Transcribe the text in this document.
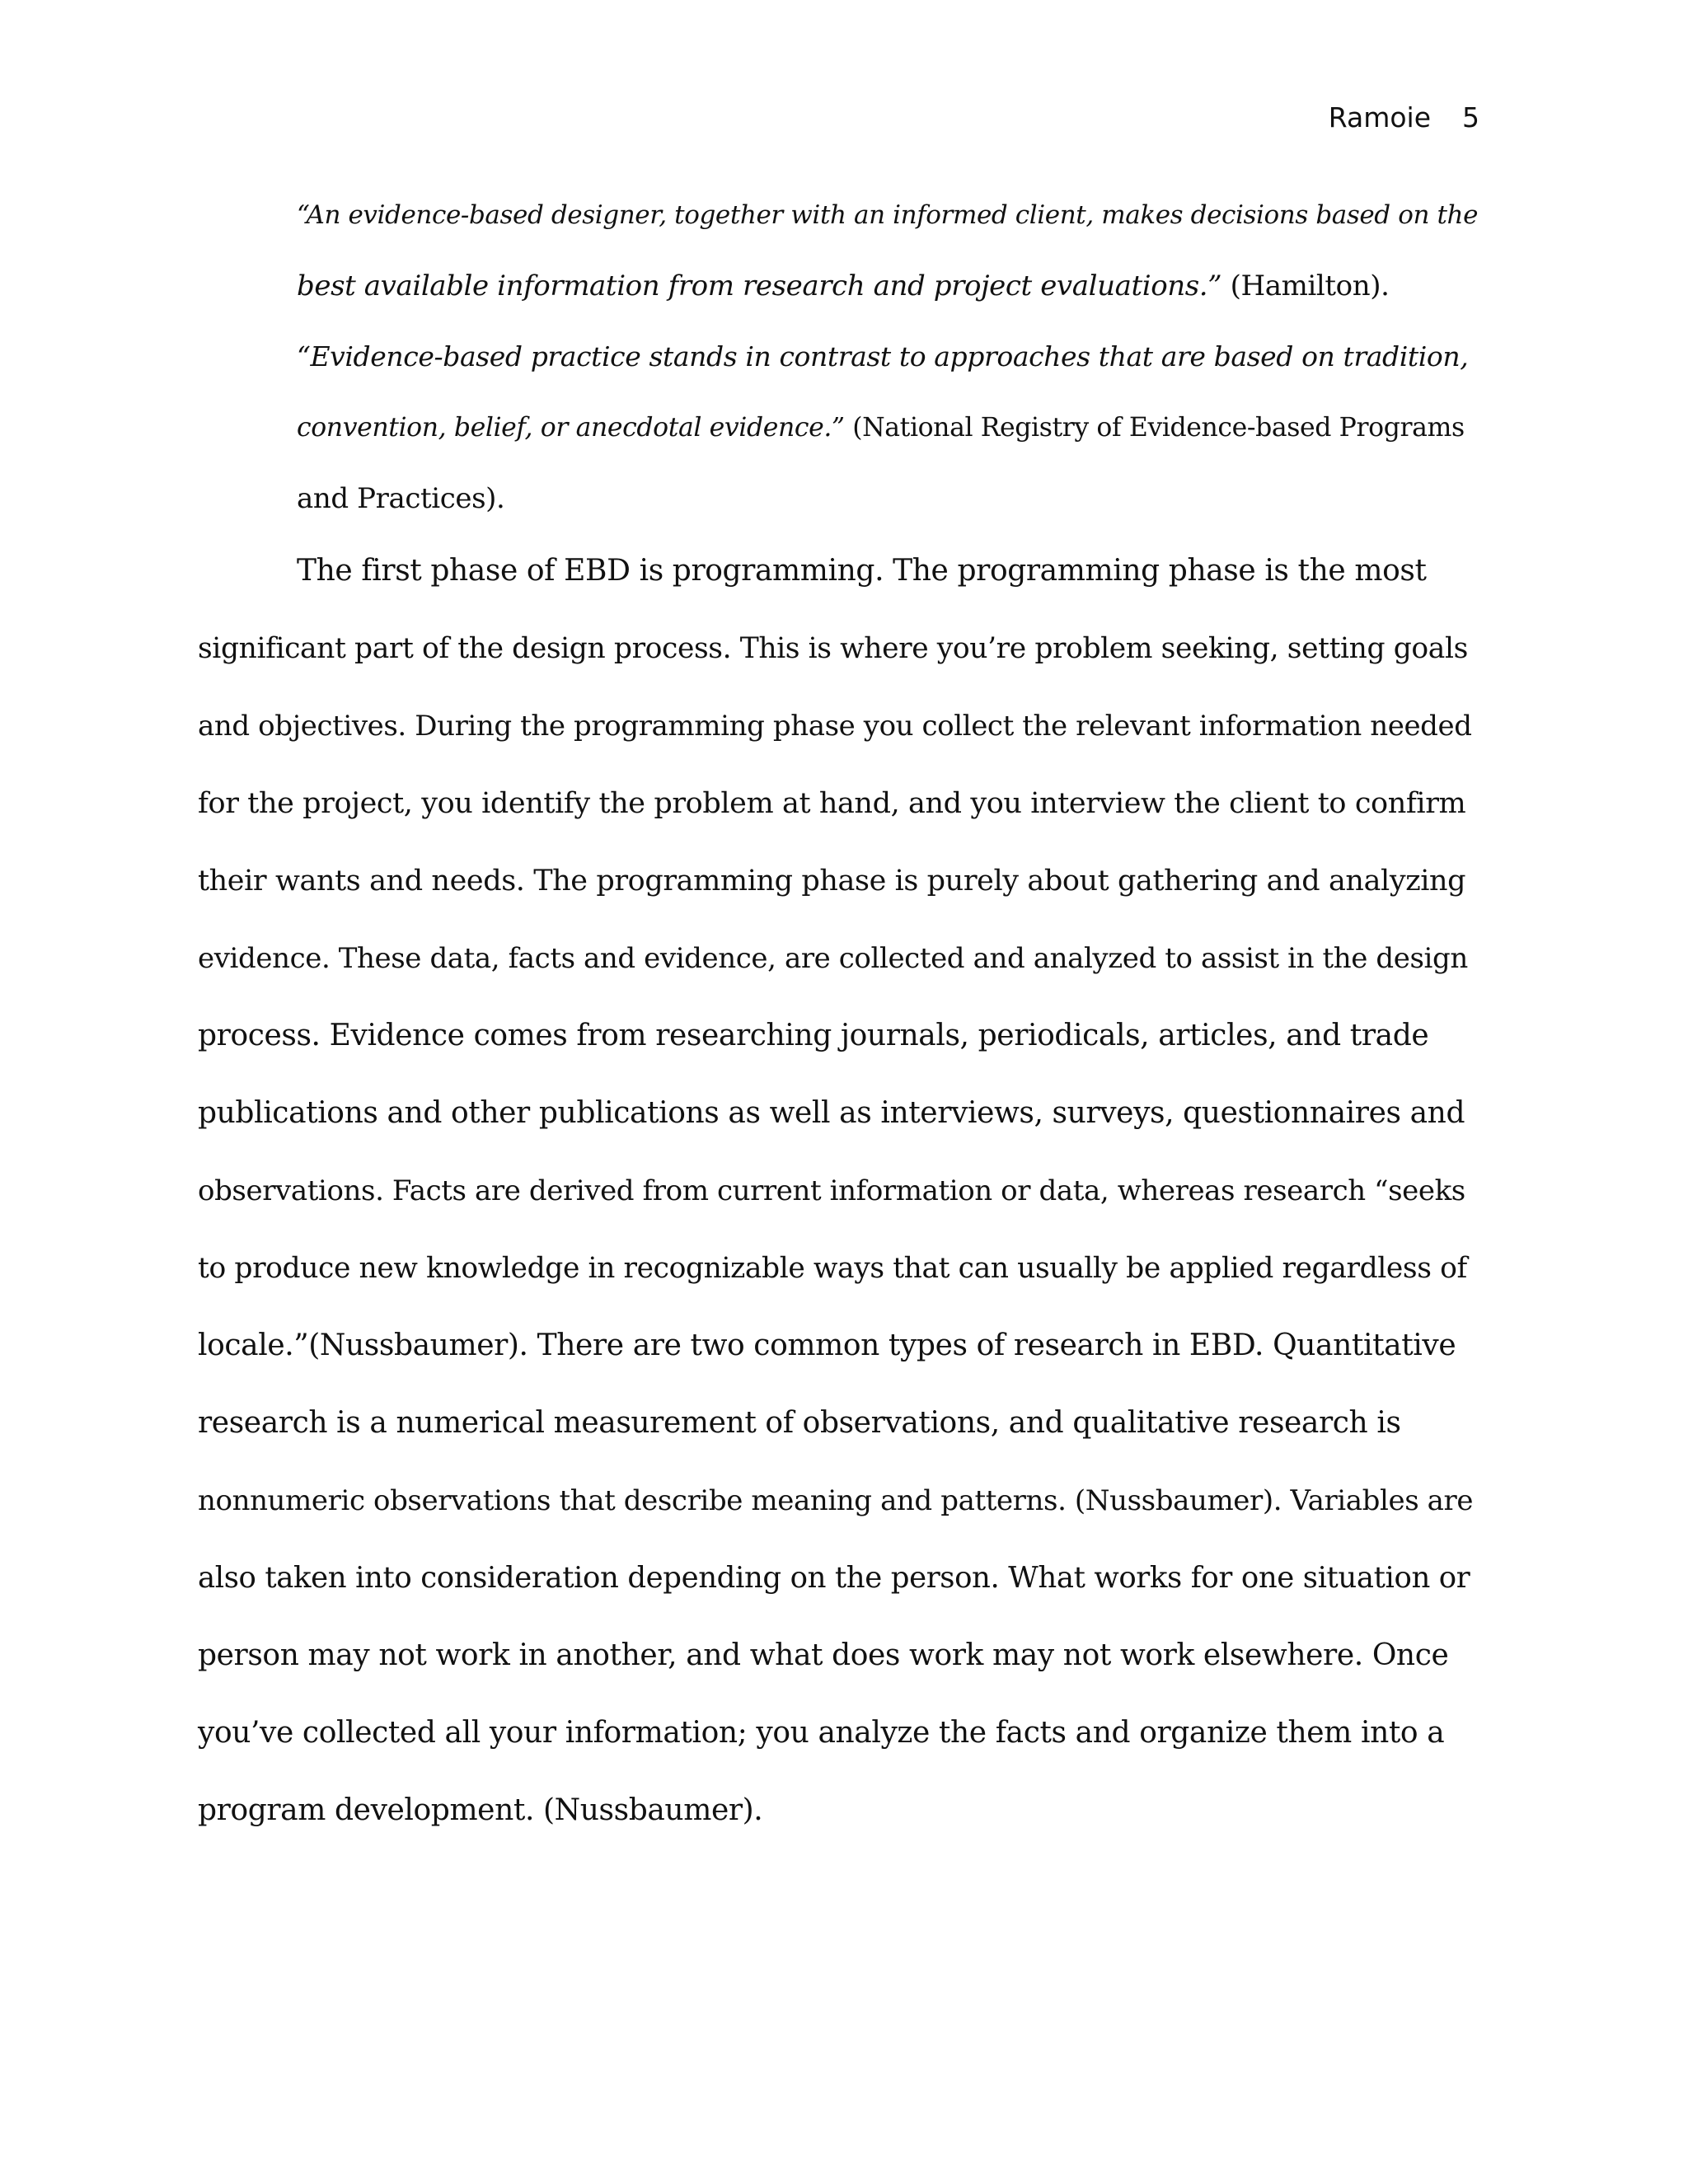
Ramoie 5
“An evidence-based designer, together with an informed client, makes decisions based on the
best available information from research and project evaluations.” (Hamilton).
“Evidence-based practice stands in contrast to approaches that are based on tradition,
convention, belief, or anecdotal evidence.” (National Registry of Evidence-based Programs
and Practices).
The first phase of EBD is programming. The programming phase is the most
significant part of the design process. This is where you’re problem seeking, setting goals
and objectives. During the programming phase you collect the relevant information needed
for the project, you identify the problem at hand, and you interview the client to confirm
their wants and needs. The programming phase is purely about gathering and analyzing
evidence. These data, facts and evidence, are collected and analyzed to assist in the design
process. Evidence comes from researching journals, periodicals, articles, and trade
publications and other publications as well as interviews, surveys, questionnaires and
observations. Facts are derived from current information or data, whereas research “seeks
to produce new knowledge in recognizable ways that can usually be applied regardless of
locale.”(Nussbaumer). There are two common types of research in EBD. Quantitative
research is a numerical measurement of observations, and qualitative research is
nonnumeric observations that describe meaning and patterns. (Nussbaumer). Variables are
also taken into consideration depending on the person. What works for one situation or
person may not work in another, and what does work may not work elsewhere. Once
you’ve collected all your information; you analyze the facts and organize them into a
program development. (Nussbaumer).
